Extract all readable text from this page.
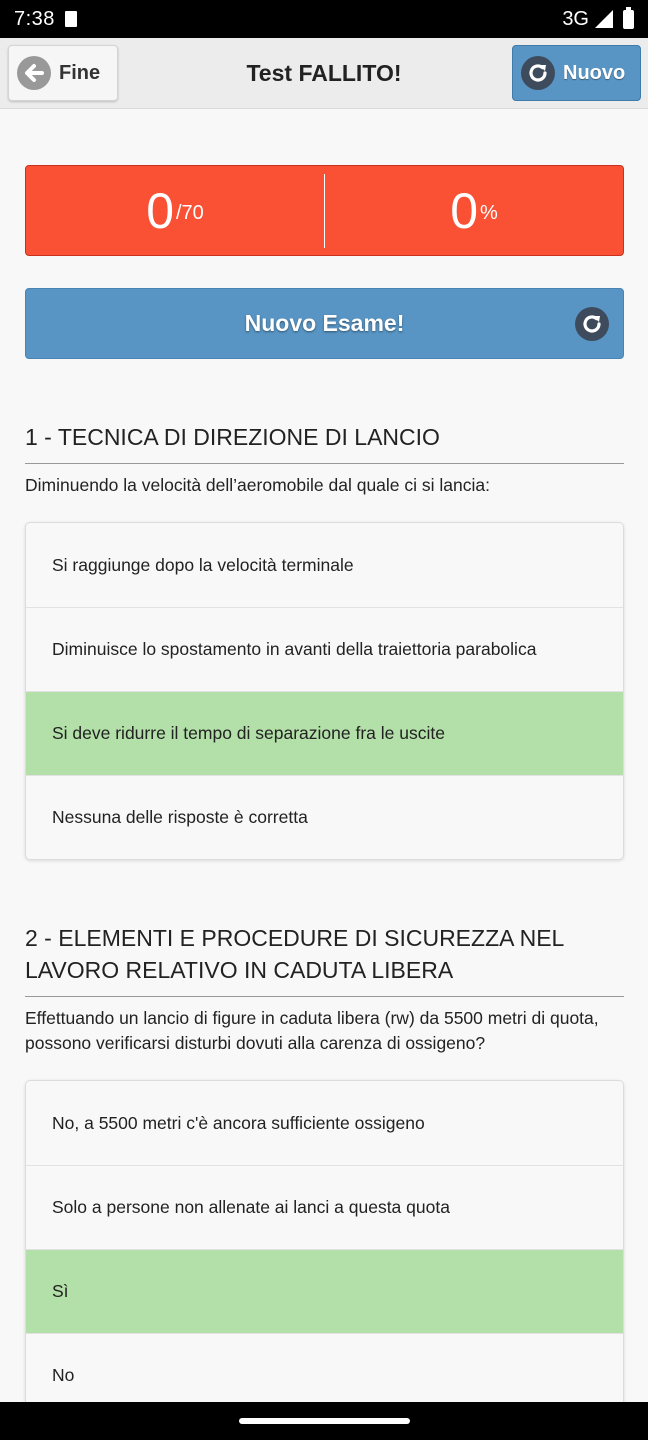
7:38	3G
Test FALLITO!
Fine	Nuovo
0 /70	0 %
Nuovo Esame!
1 - TECNICA DI DIREZIONE DI LANCIO
Diminuendo la velocità dell’aeromobile dal quale ci si lancia:
Si raggiunge dopo la velocità terminale
Diminuisce lo spostamento in avanti della traiettoria parabolica
Si deve ridurre il tempo di separazione fra le uscite
Nessuna delle risposte è corretta
2 - ELEMENTI E PROCEDURE DI SICUREZZA NEL LAVORO RELATIVO IN CADUTA LIBERA
Effettuando un lancio di figure in caduta libera (rw) da 5500 metri di quota, possono verificarsi disturbi dovuti alla carenza di ossigeno?
No, a 5500 metri c'è ancora sufficiente ossigeno
Solo a persone non allenate ai lanci a questa quota
Sì
No
